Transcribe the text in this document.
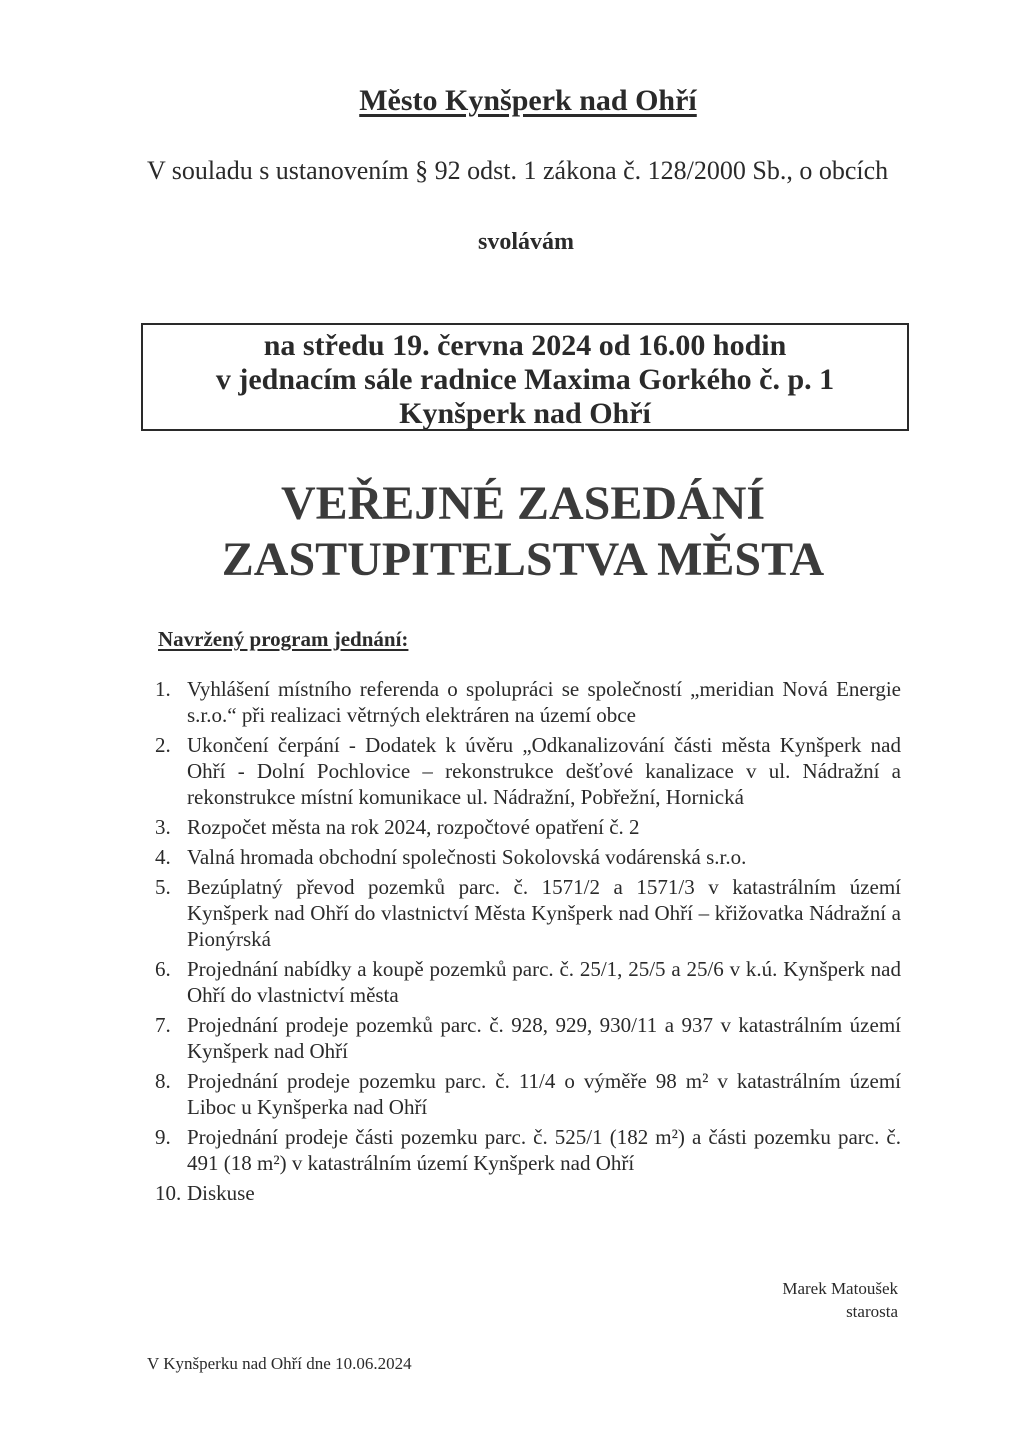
Město Kynšperk nad Ohří
V souladu s ustanovením § 92 odst. 1 zákona č. 128/2000 Sb., o obcích
svolávám
na středu 19. června 2024 od 16.00 hodin
v jednacím sále radnice Maxima Gorkého č. p. 1
Kynšperk nad Ohří
VEŘEJNÉ ZASEDÁNÍ
ZASTUPITELSTVA MĚSTA
Navržený program jednání:
1. Vyhlášení místního referenda o spolupráci se společností „meridian Nová Energie s.r.o.“ při realizaci větrných elektráren na území obce
2. Ukončení čerpání - Dodatek k úvěru „Odkanalizování části města Kynšperk nad Ohří - Dolní Pochlovice – rekonstrukce dešťové kanalizace v ul. Nádražní a rekonstrukce místní komunikace ul. Nádražní, Pobřežní, Hornická
3. Rozpočet města na rok 2024, rozpočtové opatření č. 2
4. Valná hromada obchodní společnosti Sokolovská vodárenská s.r.o.
5. Bezúplatný převod pozemků parc. č. 1571/2 a 1571/3 v katastrálním území Kynšperk nad Ohří do vlastnictví Města Kynšperk nad Ohří – křižovatka Nádražní a Pionýrská
6. Projednání nabídky a koupě pozemků parc. č. 25/1, 25/5 a 25/6 v k.ú. Kynšperk nad Ohří do vlastnictví města
7. Projednání prodeje pozemků parc. č. 928, 929, 930/11 a 937 v katastrálním území Kynšperk nad Ohří
8. Projednání prodeje pozemku parc. č. 11/4 o výměře 98 m² v katastrálním území Liboc u Kynšperka nad Ohří
9. Projednání prodeje části pozemku parc. č. 525/1 (182 m²) a části pozemku parc. č. 491 (18 m²) v katastrálním území Kynšperk nad Ohří
10. Diskuse
Marek Matoušek
starosta
V Kynšperku nad Ohří dne 10.06.2024
